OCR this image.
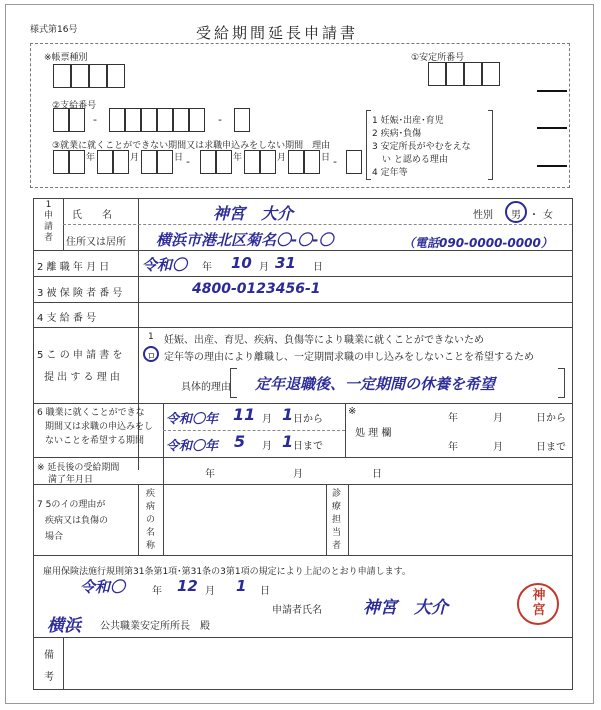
様式第16号	受給期間延長申請書
※帳票種別	①安定所番号
②支給番号
-	-
③就業に就くことができない期間又は求職申込みをしない期間　理由
年	月	日 -	年	月	日 -
1 妊娠･出産･育児
2 疾病･負傷
3 安定所長がやむをえな
い と認める理由
4 定年等
1
申
請
者
氏　　名	神宮　大介	性別 男 ・ 女
住所又は居所 横浜市港北区菊名〇-〇-〇	（電話090-0000-0000）
2 離 職 年 月 日 令和〇 年 10 月 31 日
3 被 保 険 者 番 号	4800-0123456-1
4 支 給 番 号
5 こ の 申 請 書 を
提 出 す る 理 由
1 妊娠、出産、育児、疾病、負傷等により職業に就くことができないため
ロ 定年等の理由により離職し、一定期間求職の申し込みをしないことを希望するため
具体的理由 定年退職後、一定期間の休養を希望
6 職業に就くことができな
期間又は求職の申込みをし
ないことを希望する期間
令和〇年 11 月 1 日から
令和〇年 5 月 1 日まで
※
処 理 欄
年	月	日から
年	月	日まで
※ 延長後の受給期間
満了年月日	年	月	日
7 5のイの理由が
疾病又は負傷の
場合
疾
病
の
名
称
診
療
担
当
者
雇用保険法施行規則第31条第1項･第31条の3第1項の規定により上記のとおり申請します。
令和〇	年 12 月 1 日
申請者氏名 神宮　大介
横浜 公共職業安定所所長　殿
神宮
備
考
